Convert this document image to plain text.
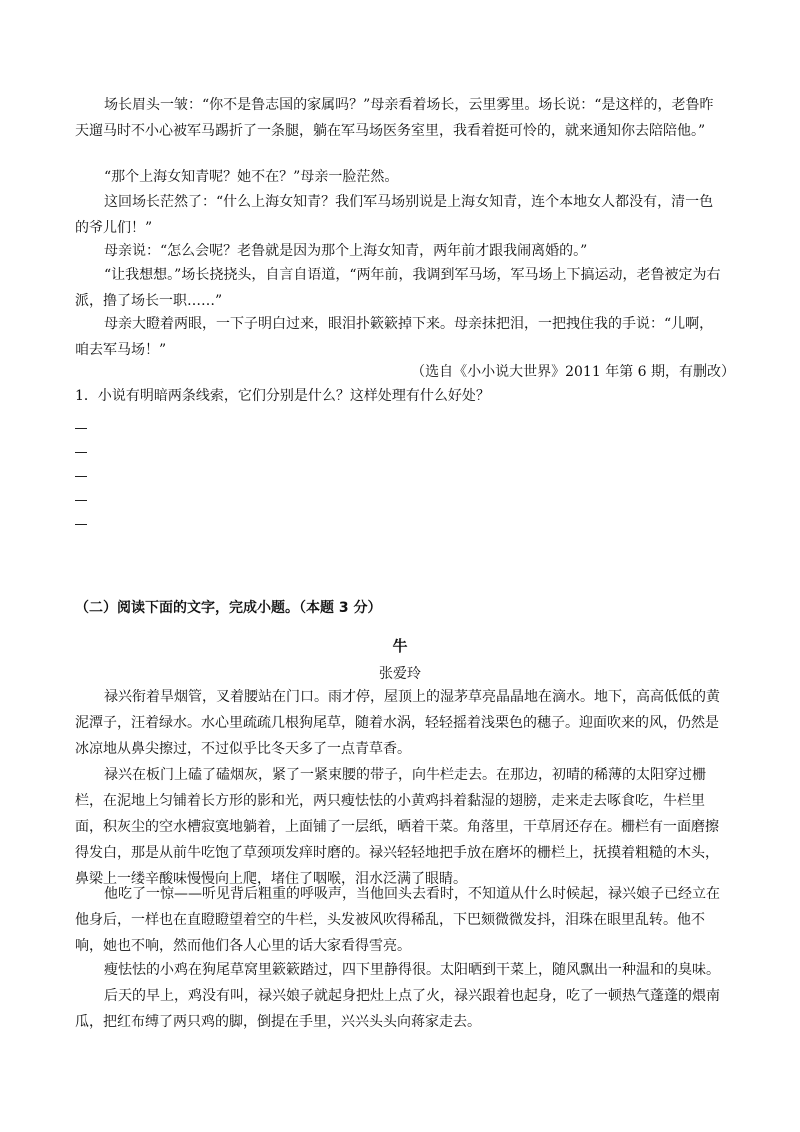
场长眉头一皱：“你不是鲁志国的家属吗？”母亲看着场长，云里雾里。场长说：“是这样的，老鲁昨天遛马时不小心被军马踢折了一条腿，躺在军马场医务室里，我看着挺可怜的，就来通知你去陪陪他。”

“那个上海女知青呢？她不在？”母亲一脸茫然。

这回场长茫然了：“什么上海女知青？我们军马场别说是上海女知青，连个本地女人都没有，清一色的爷儿们！”

母亲说：“怎么会呢？老鲁就是因为那个上海女知青，两年前才跟我闹离婚的。”

“让我想想。”场长挠挠头，自言自语道，“两年前，我调到军马场，军马场上下搞运动，老鲁被定为右派，撸了场长一职……”

母亲大瞪着两眼，一下子明白过来，眼泪扑簌簌掉下来。母亲抹把泪，一把拽住我的手说：“儿啊，咱去军马场！”

（选自《小小说大世界》2011 年第 6 期，有删改）

1．小说有明暗两条线索，它们分别是什么？这样处理有什么好处？

（二）阅读下面的文字，完成小题。（本题 3 分）

牛

张爱玲

禄兴衔着旱烟管，叉着腰站在门口。雨才停，屋顶上的湿茅草亮晶晶地在滴水。地下，高高低低的黄泥潭子，汪着绿水。水心里疏疏几根狗尾草，随着水涡，轻轻摇着浅栗色的穗子。迎面吹来的风，仍然是冰凉地从鼻尖擦过，不过似乎比冬天多了一点青草香。

禄兴在板门上磕了磕烟灰，紧了一紧束腰的带子，向牛栏走去。在那边，初晴的稀薄的太阳穿过栅栏，在泥地上匀铺着长方形的影和光，两只瘦怯怯的小黄鸡抖着黏湿的翅膀，走来走去啄食吃，牛栏里面，积灰尘的空水槽寂寞地躺着，上面铺了一层纸，晒着干菜。角落里，干草屑还存在。栅栏有一面磨擦得发白，那是从前牛吃饱了草颈项发痒时磨的。禄兴轻轻地把手放在磨坏的栅栏上，抚摸着粗糙的木头，鼻梁上一缕辛酸味慢慢向上爬，堵住了咽喉，泪水泛满了眼睛。

他吃了一惊——听见背后粗重的呼吸声，当他回头去看时，不知道从什么时候起，禄兴娘子已经立在他身后，一样也在直瞪瞪望着空的牛栏，头发被风吹得稀乱，下巴颏微微发抖，泪珠在眼里乱转。他不响，她也不响，然而他们各人心里的话大家看得雪亮。

瘦怯怯的小鸡在狗尾草窝里簌簌踏过，四下里静得很。太阳晒到干菜上，随风飘出一种温和的臭味。

后天的早上，鸡没有叫，禄兴娘子就起身把灶上点了火，禄兴跟着也起身，吃了一顿热气蓬蓬的煨南瓜，把红布缚了两只鸡的脚，倒提在手里，兴兴头头向蒋家走去。
